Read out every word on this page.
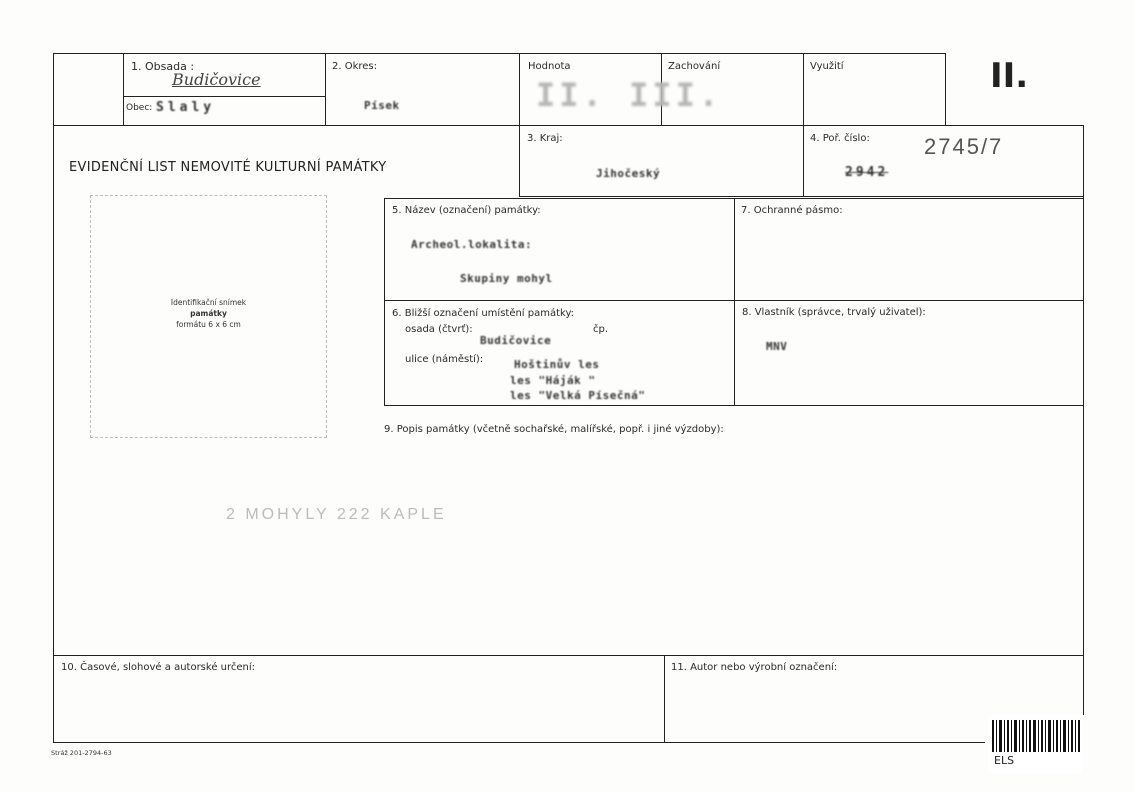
1. Obsada :
Budičovice
Obec: Slaly
2. Okres:
Písek
Hodnota
II. III.
Zachování	Využití	II.
EVIDENČNÍ LIST NEMOVITÉ KULTURNÍ PAMÁTKY
3. Kraj:
Jihočeský
4. Poř. číslo:
2942
2745/7
Identifikační snímek
památky
formátu 6 x 6 cm
5. Název (označení) památky:
Archeol.lokalita:
Skupiny mohyl
7. Ochranné pásmo:
6. Bližší označení umístění památky:
osada (čtvrť):
Budičovice
čp.
ulice (náměstí):	Hoštinův les
les "Háják "
les "Velká Písečná"
8. Vlastník (správce, trvalý uživatel):
MNV
9. Popis památky (včetně sochařské, malířské, popř. i jiné výzdoby):
2 MOHYLY 222 KAPLE
10. Časové, slohové a autorské určení:	11. Autor nebo výrobní označení:
Stráž 201-2794-63
ELS
